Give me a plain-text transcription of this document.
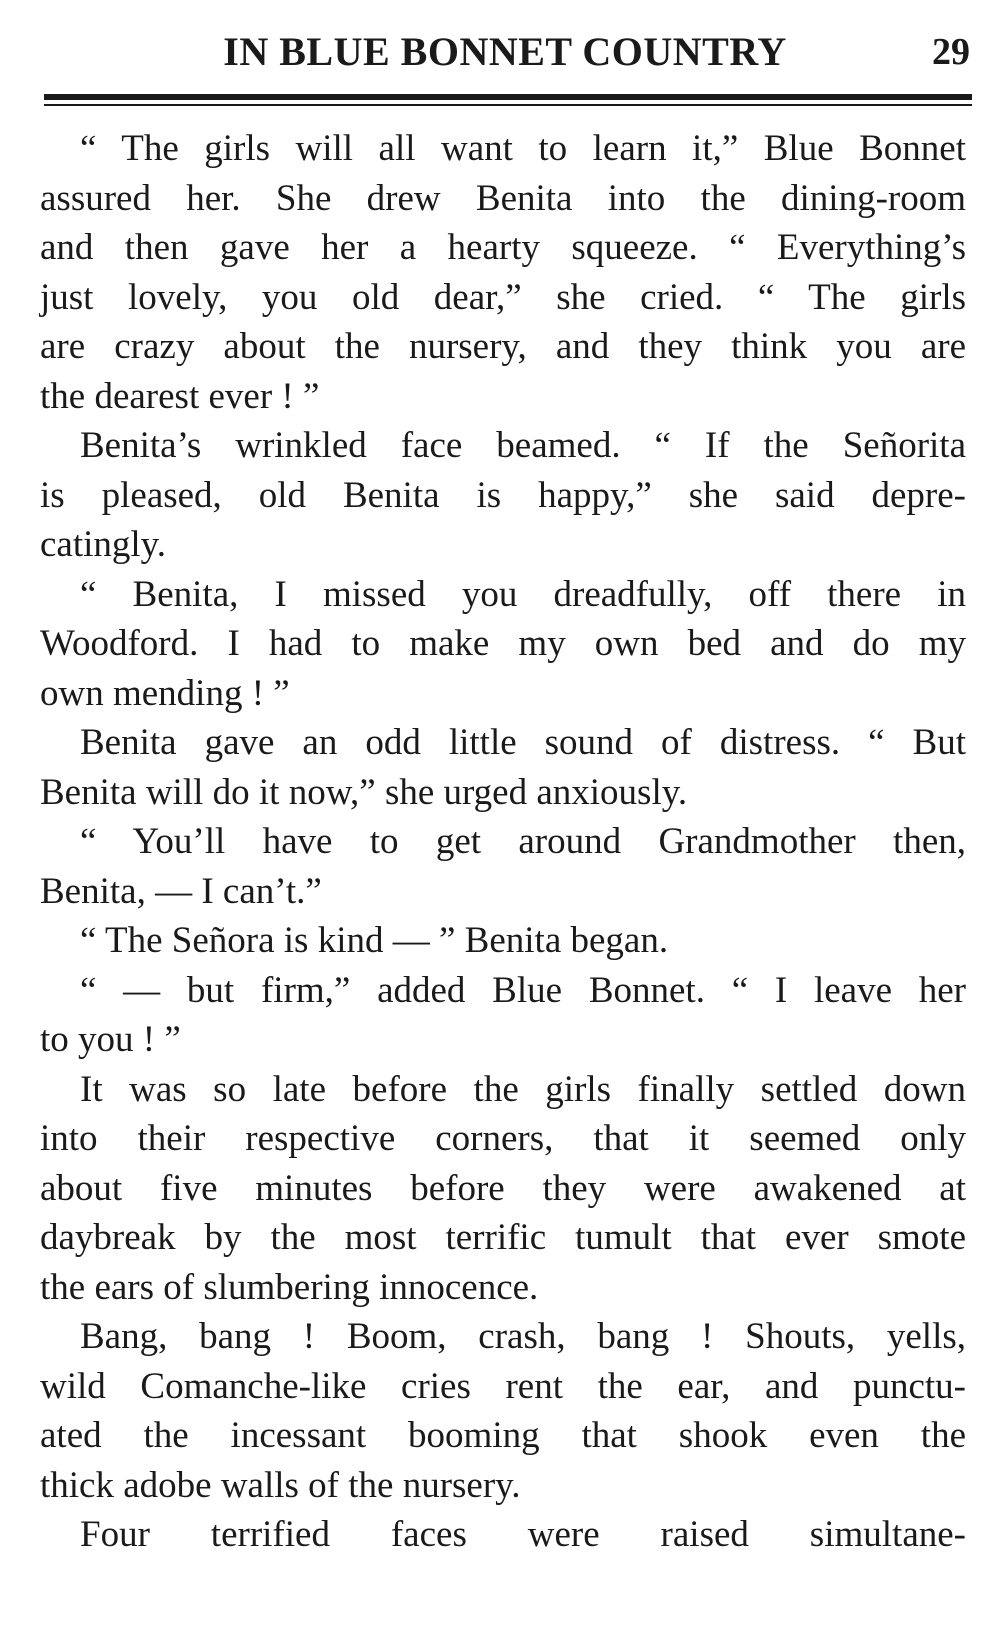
IN BLUE BONNET COUNTRY	29
“ The girls will all want to learn it,” Blue Bonnet
assured her. She drew Benita into the dining-room
and then gave her a hearty squeeze. “ Everything’s
just lovely, you old dear,” she cried. “ The girls
are crazy about the nursery, and they think you are
the dearest ever ! ”
Benita’s wrinkled face beamed. “ If the Señorita
is pleased, old Benita is happy,” she said depre-
catingly.
“ Benita, I missed you dreadfully, off there in
Woodford. I had to make my own bed and do my
own mending ! ”
Benita gave an odd little sound of distress. “ But
Benita will do it now,” she urged anxiously.
“ You’ll have to get around Grandmother then,
Benita, — I can’t.”
“ The Señora is kind — ” Benita began.
“ — but firm,” added Blue Bonnet. “ I leave her
to you ! ”
It was so late before the girls finally settled down
into their respective corners, that it seemed only
about five minutes before they were awakened at
daybreak by the most terrific tumult that ever smote
the ears of slumbering innocence.
Bang, bang ! Boom, crash, bang ! Shouts, yells,
wild Comanche-like cries rent the ear, and punctu-
ated the incessant booming that shook even the
thick adobe walls of the nursery.
Four terrified faces were raised simultane-
